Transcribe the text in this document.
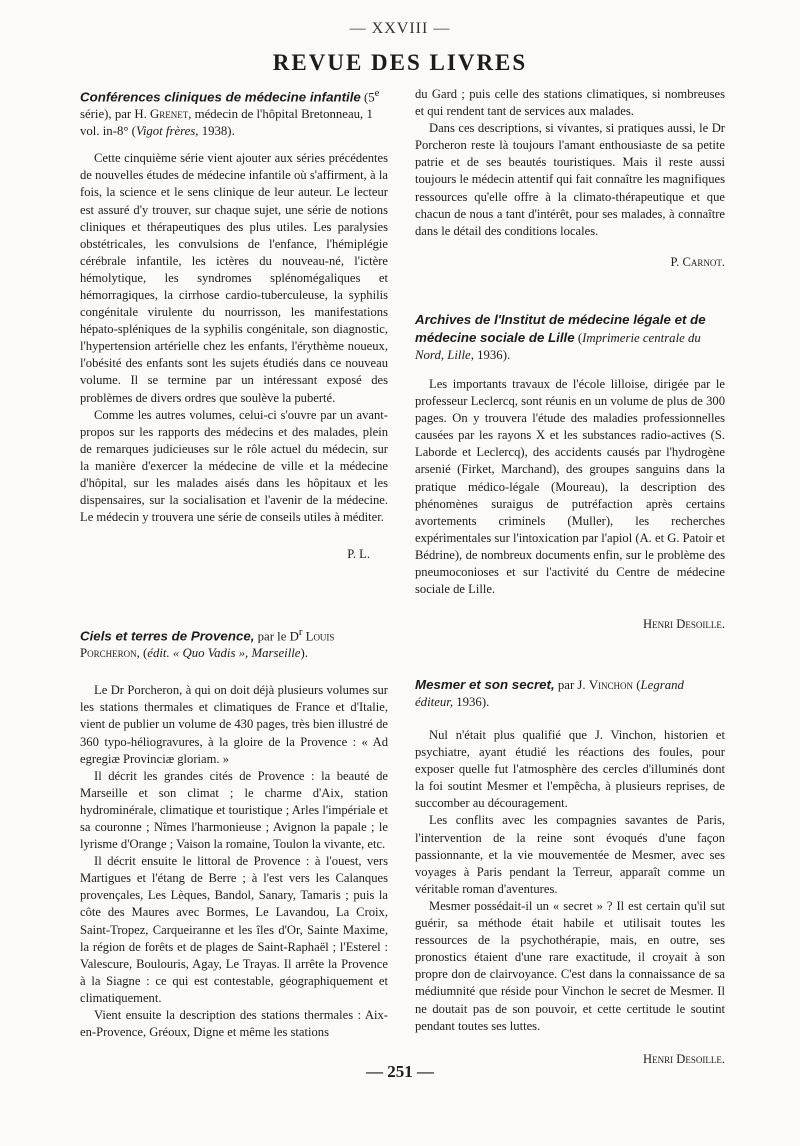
— XXVIII —
REVUE DES LIVRES
Conférences cliniques de médecine infantile (5e série), par H. Grenet, médecin de l'hôpital Bretonneau, 1 vol. in-8° (Vigot frères, 1938).

Cette cinquième série vient ajouter aux séries précédentes de nouvelles études de médecine infantile où s'affirment, à la fois, la science et le sens clinique de leur auteur. Le lecteur est assuré d'y trouver, sur chaque sujet, une série de notions cliniques et thérapeutiques des plus utiles. Les paralysies obstétricales, les convulsions de l'enfance, l'hémiplégie cérébrale infantile, les ictères du nouveau-né, l'ictère hémolytique, les syndromes splénomégaliques et hémorragiques, la cirrhose cardio-tuberculeuse, la syphilis congénitale virulente du nourrisson, les manifestations hépato-spléniques de la syphilis congénitale, son diagnostic, l'hypertension artérielle chez les enfants, l'érythème noueux, l'obésité des enfants sont les sujets étudiés dans ce nouveau volume. Il se termine par un intéressant exposé des problèmes de divers ordres que soulève la puberté.

Comme les autres volumes, celui-ci s'ouvre par un avant-propos sur les rapports des médecins et des malades, plein de remarques judicieuses sur le rôle actuel du médecin, sur la manière d'exercer la médecine de ville et la médecine d'hôpital, sur les malades aisés dans les hôpitaux et les dispensaires, sur la socialisation et l'avenir de la médecine. Le médecin y trouvera une série de conseils utiles à méditer.

P. L.

Ciels et terres de Provence, par le $D^r$ Louis Porcheron, (édit. « Quo Vadis », Marseille).

Le Dr Porcheron, à qui on doit déjà plusieurs volumes sur les stations thermales et climatiques de France et d'Italie, vient de publier un volume de 430 pages, très bien illustré de 360 typo-héliogravures, à la gloire de la Provence : « Ad egregiæ Provinciæ gloriam. »

Il décrit les grandes cités de Provence : la beauté de Marseille et son climat ; le charme d'Aix, station hydrominérale, climatique et touristique ; Arles l'impériale et sa couronne ; Nîmes l'harmonieuse ; Avignon la papale ; le lyrisme d'Orange ; Vaison la romaine, Toulon la vivante, etc.

Il décrit ensuite le littoral de Provence : à l'ouest, vers Martigues et l'étang de Berre ; à l'est vers les Calanques provençales, Les Lèques, Bandol, Sanary, Tamaris ; puis la côte des Maures avec Bormes, Le Lavandou, La Croix, Saint-Tropez, Carqueiranne et les îles d'Or, Sainte Maxime, la région de forêts et de plages de Saint-Raphaël ; l'Esterel : Valescure, Boulouris, Agay, Le Trayas. Il arrête la Provence à la Siagne : ce qui est contestable, géographiquement et climatiquement.

Vient ensuite la description des stations thermales : Aix-en-Provence, Gréoux, Digne et même les stations

du Gard ; puis celle des stations climatiques, si nombreuses et qui rendent tant de services aux malades.

Dans ces descriptions, si vivantes, si pratiques aussi, le Dr Porcheron reste là toujours l'amant enthousiaste de sa petite patrie et de ses beautés touristiques. Mais il reste aussi toujours le médecin attentif qui fait connaître les magnifiques ressources qu'elle offre à la climato-thérapeutique et que chacun de nous a tant d'intérêt, pour ses malades, à connaître dans le détail des conditions locales.

P. Carnot.

Archives de l'Institut de médecine légale et de médecine sociale de Lille (Imprimerie centrale du Nord, Lille, 1936).

Les importants travaux de l'école lilloise, dirigée par le professeur Leclercq, sont réunis en un volume de plus de 300 pages. On y trouvera l'étude des maladies professionnelles causées par les rayons X et les substances radio-actives (S. Laborde et Leclercq), des accidents causés par l'hydrogène arsenié (Firket, Marchand), des groupes sanguins dans la pratique médico-légale (Moureau), la description des phénomènes suraigus de putréfaction après certains avortements criminels (Muller), les recherches expérimentales sur l'intoxication par l'apiol (A. et G. Patoir et Bédrine), de nombreux documents enfin, sur le problème des pneumoconioses et sur l'activité du Centre de médecine sociale de Lille.

Henri Desoille.

Mesmer et son secret, par J. Vinchon (Legrand éditeur, 1936).

Nul n'était plus qualifié que J. Vinchon, historien et psychiatre, ayant étudié les réactions des foules, pour exposer quelle fut l'atmosphère des cercles d'illuminés dont la foi soutint Mesmer et l'empêcha, à plusieurs reprises, de succomber au découragement.

Les conflits avec les compagnies savantes de Paris, l'intervention de la reine sont évoqués d'une façon passionnante, et la vie mouvementée de Mesmer, avec ses voyages à Paris pendant la Terreur, apparaît comme un véritable roman d'aventures.

Mesmer possédait-il un « secret » ? Il est certain qu'il sut guérir, sa méthode était habile et utilisait toutes les ressources de la psychothérapie, mais, en outre, ses pronostics étaient d'une rare exactitude, il croyait à son propre don de clairvoyance. C'est dans la connaissance de sa médiumnité que réside pour Vinchon le secret de Mesmer. Il ne doutait pas de son pouvoir, et cette certitude le soutint pendant toutes ses luttes.

Henri Desoille.

— 251 —
